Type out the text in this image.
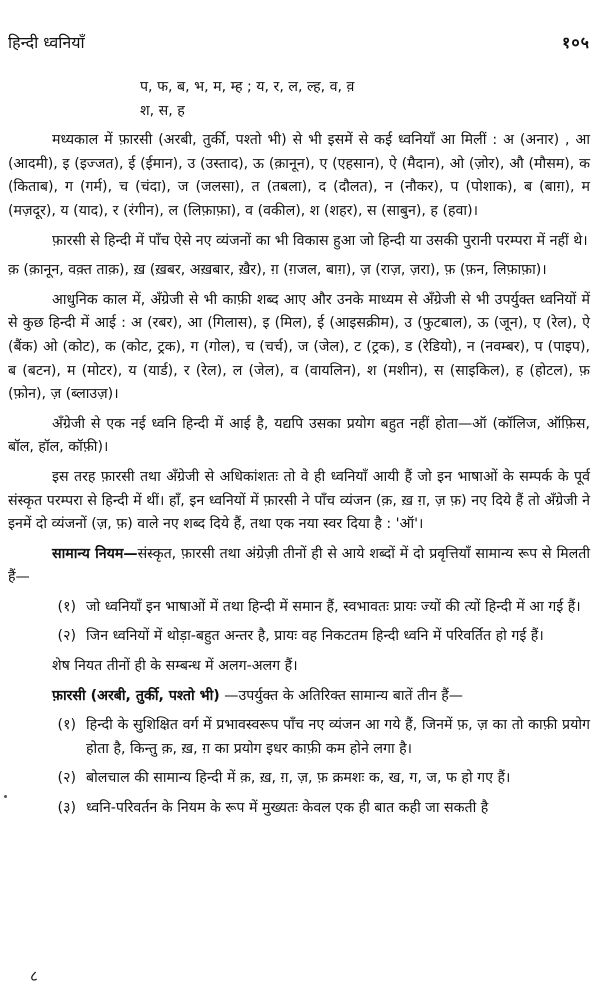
हिन्दी ध्वनियाँ	१०५
प, फ, ब, भ, म, म्ह ; य, र, ल, ल्ह, व, व़
श, स, ह

मध्यकाल में फ़ारसी (अरबी, तुर्की, पश्तो भी) से भी इसमें से कई ध्वनियाँ आ मिलीं : अ (अनार) , आ (आदमी), इ (इज्जत), ई (ईमान), उ (उस्ताद), ऊ (क़ानून), ए (एहसान), ऐ (मैदान), ओ (ज़ोर), औ (मौसम), क (किताब), ग (गर्म), च (चंदा), ज (जलसा), त (तबला), द (दौलत), न (नौकर), प (पोशाक), ब (बाग़), म (मज़दूर), य (याद), र (रंगीन), ल (लिफ़ाफ़ा), व (वकील), श (शहर), स (साबुन), ह (हवा)।

फ़ारसी से हिन्दी में पाँच ऐसे नए व्यंजनों का भी विकास हुआ जो हिन्दी या उसकी पुरानी परम्परा में नहीं थे।

क़ (क़ानून, वक़्त ताक़), ख़ (ख़बर, अख़बार, ख़ैर), ग़ (ग़जल, बाग़), ज़ (राज़, ज़रा), फ़ (फ़न, लिफ़ाफ़ा)।

आधुनिक काल में, अँग्रेजी से भी काफ़ी शब्द आए और उनके माध्यम से अँग्रेजी से भी उपर्युक्त ध्वनियों में से कुछ हिन्दी में आई : अ (रबर), आ (गिलास), इ (मिल), ई (आइसक्रीम), उ (फुटबाल), ऊ (जून), ए (रेल), ऐ (बैंक) ओ (कोट), क (कोट, ट्रक), ग (गोल), च (चर्च), ज (जेल), ट (ट्रक), ड (रेडियो), न (नवम्बर), प (पाइप), ब (बटन), म (मोटर), य (यार्ड), र (रेल), ल (जेल), व (वायलिन), श (मशीन), स (साइकिल), ह (होटल), फ़ (फ़ोन), ज़ (ब्लाउज़)।

अँग्रेजी से एक नई ध्वनि हिन्दी में आई है, यद्यपि उसका प्रयोग बहुत नहीं होता—ऑ (कॉलिज, ऑफ़िस, बॉल, हॉल, कॉफ़ी)।

इस तरह फ़ारसी तथा अँग्रेजी से अधिकांशतः तो वे ही ध्वनियाँ आयी हैं जो इन भाषाओं के सम्पर्क के पूर्व संस्कृत परम्परा से हिन्दी में थीं। हाँ, इन ध्वनियों में फ़ारसी ने पाँच व्यंजन (क़, ख़ ग़, ज़ फ़) नए दिये हैं तो अँग्रेजी ने इनमें दो व्यंजनों (ज़, फ़) वाले नए शब्द दिये हैं, तथा एक नया स्वर दिया है : 'ऑ'।

सामान्य नियम—संस्कृत, फ़ारसी तथा अंग्रेज़ी तीनों ही से आये शब्दों में दो प्रवृत्तियाँ सामान्य रूप से मिलती हैं—

(१) जो ध्वनियाँ इन भाषाओं में तथा हिन्दी में समान हैं, स्वभावतः प्रायः ज्यों की त्यों हिन्दी में आ गई हैं।
(२) जिन ध्वनियों में थोड़ा-बहुत अन्तर है, प्रायः वह निकटतम हिन्दी ध्वनि में परिवर्तित हो गई हैं।

शेष नियत तीनों ही के सम्बन्ध में अलग-अलग हैं।

फ़ारसी (अरबी, तुर्की, पश्तो भी) —उपर्युक्त के अतिरिक्त सामान्य बातें तीन हैं—

(१) हिन्दी के सुशिक्षित वर्ग में प्रभावस्वरूप पाँच नए व्यंजन आ गये हैं, जिनमें फ़, ज़ का तो काफ़ी प्रयोग होता है, किन्तु क़, ख़, ग़ का प्रयोग इधर काफ़ी कम होने लगा है।
(२) बोलचाल की सामान्य हिन्दी में क़, ख़, ग़, ज़, फ़ क्रमशः क, ख, ग, ज, फ हो गए हैं।
(३) ध्वनि-परिवर्तन के नियम के रूप में मुख्यतः केवल एक ही बात कही जा सकती है
८
